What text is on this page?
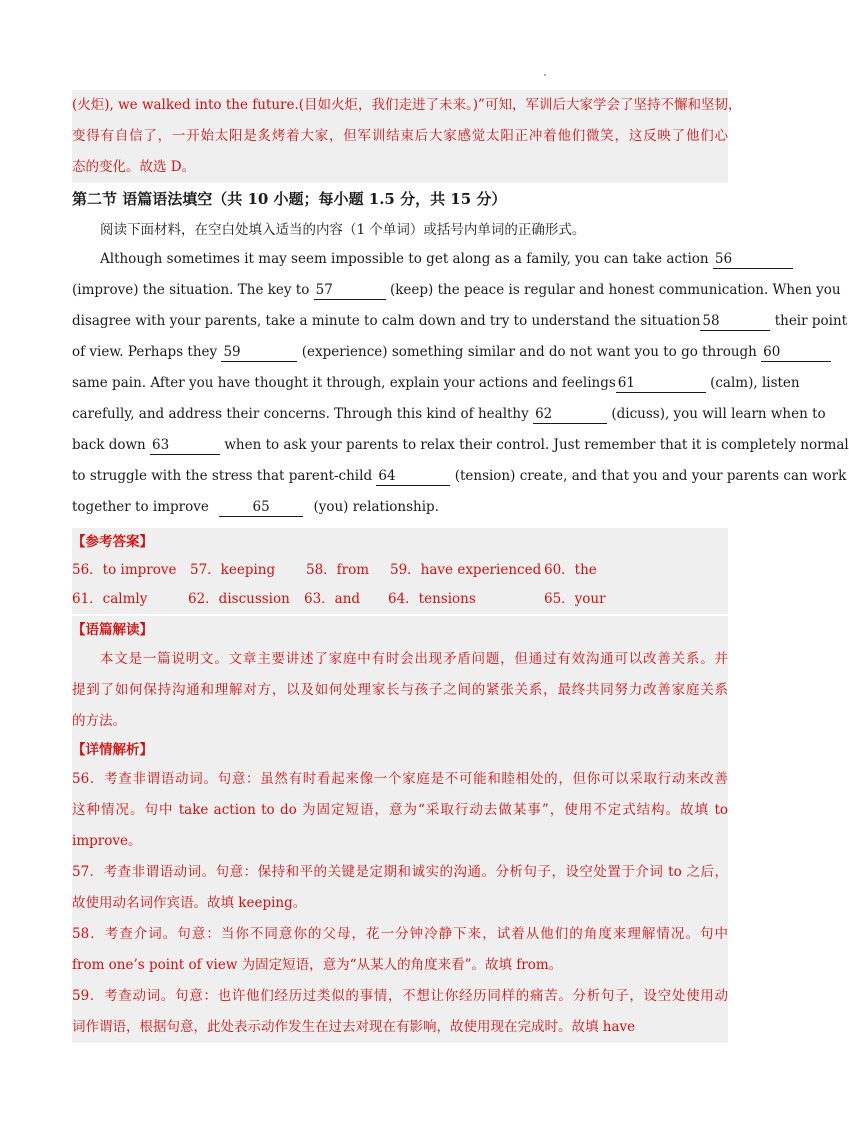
(火炬), we walked into the future.(目如火炬，我们走进了未来。)”可知，军训后大家学会了坚持不懈和坚韧，
变得有自信了，一开始太阳是炙烤着大家，但军训结束后大家感觉太阳正冲着他们微笑，这反映了他们心
态的变化。故选 D。
第二节 语篇语法填空（共 10 小题；每小题 1.5 分，共 15 分）
阅读下面材料，在空白处填入适当的内容（1 个单词）或括号内单词的正确形式。
Although sometimes it may seem impossible to get along as a family, you can take action 56
(improve) the situation. The key to 57	(keep) the peace is regular and honest communication. When you
disagree with your parents, take a minute to calm down and try to understand the situation 58	their point
of view. Perhaps they 59	(experience) something similar and do not want you to go through 60
same pain. After you have thought it through, explain your actions and feelings 61	(calm), listen
carefully, and address their concerns. Through this kind of healthy 62	(dicuss), you will learn when to
back down 63	when to ask your parents to relax their control. Just remember that it is completely normal
to struggle with the stress that parent-child 64	(tension) create, and that you and your parents can work
together to improve	65	(you) relationship.
【参考答案】
56．to improve 57．keeping 58．from 59．have experienced 60．the
61．calmly	62．discussion 63．and 64．tensions	65．your
【语篇解读】
本文是一篇说明文。文章主要讲述了家庭中有时会出现矛盾问题，但通过有效沟通可以改善关系。并
提到了如何保持沟通和理解对方，以及如何处理家长与孩子之间的紧张关系，最终共同努力改善家庭关系
的方法。
【详情解析】
56．考查非谓语动词。句意：虽然有时看起来像一个家庭是不可能和睦相处的，但你可以采取行动来改善
这种情况。句中 take action to do 为固定短语，意为“采取行动去做某事”，使用不定式结构。故填 to
improve。
57．考查非谓语动词。句意：保持和平的关键是定期和诚实的沟通。分析句子，设空处置于介词 to 之后，
故使用动名词作宾语。故填 keeping。
58．考查介词。句意：当你不同意你的父母，花一分钟冷静下来，试着从他们的角度来理解情况。句中
from one’s point of view 为固定短语，意为“从某人的角度来看”。故填 from。
59．考查动词。句意：也许他们经历过类似的事情，不想让你经历同样的痛苦。分析句子，设空处使用动
词作谓语，根据句意，此处表示动作发生在过去对现在有影响，故使用现在完成时。故填 have
